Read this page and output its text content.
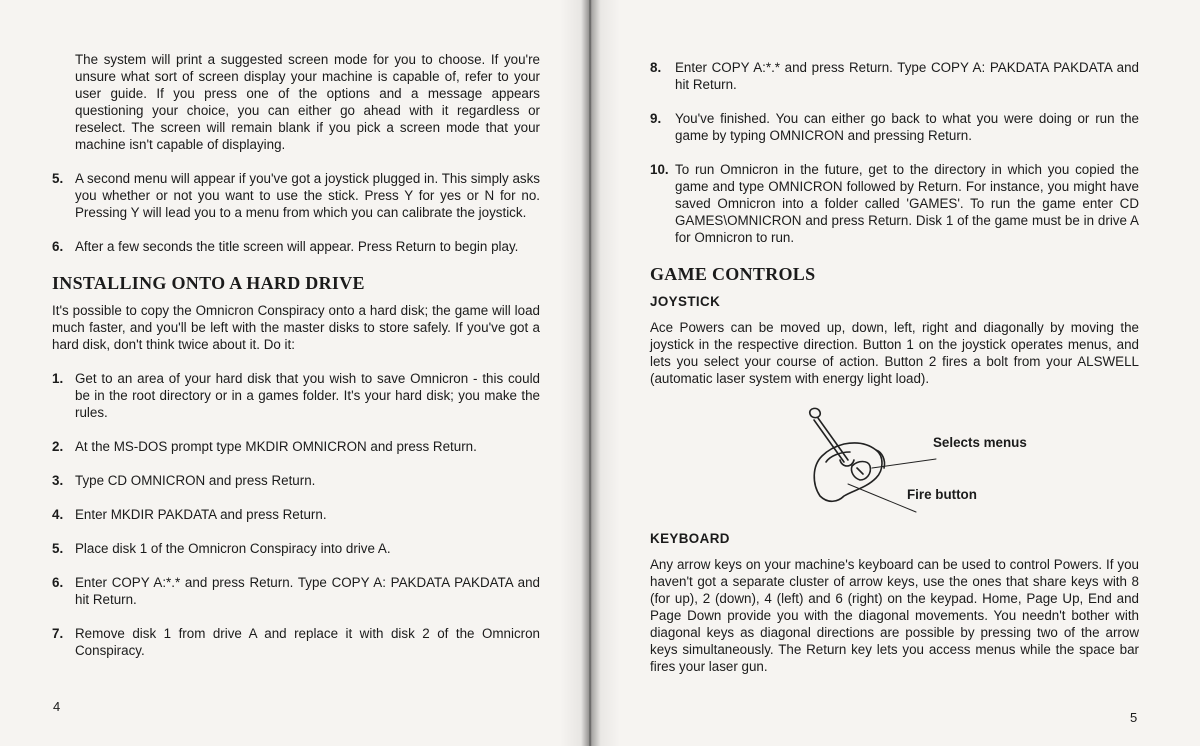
The system will print a suggested screen mode for you to choose. If you're unsure what sort of screen display your machine is capable of, refer to your user guide. If you press one of the options and a message appears questioning your choice, you can either go ahead with it regardless or reselect. The screen will remain blank if you pick a screen mode that your machine isn't capable of displaying.

5. A second menu will appear if you've got a joystick plugged in. This simply asks you whether or not you want to use the stick. Press Y for yes or N for no. Pressing Y will lead you to a menu from which you can calibrate the joystick.
6. After a few seconds the title screen will appear. Press Return to begin play.
INSTALLING ONTO A HARD DRIVE

It's possible to copy the Omnicron Conspiracy onto a hard disk; the game will load much faster, and you'll be left with the master disks to store safely. If you've got a hard disk, don't think twice about it. Do it:

1. Get to an area of your hard disk that you wish to save Omnicron - this could be in the root directory or in a games folder. It's your hard disk; you make the rules.
2. At the MS-DOS prompt type MKDIR OMNICRON and press Return.
3. Type CD OMNICRON and press Return.
4. Enter MKDIR PAKDATA and press Return.
5. Place disk 1 of the Omnicron Conspiracy into drive A.
6. Enter COPY A:*.* and press Return. Type COPY A: PAKDATA PAKDATA and hit Return.
7. Remove disk 1 from drive A and replace it with disk 2 of the Omnicron Conspiracy.
4
8.	Enter COPY A:*.* and press Return. Type COPY A: PAKDATA PAKDATA and hit Return.
9.	You've finished. You can either go back to what you were doing or run the game by typing OMNICRON and pressing Return.
10. To run Omnicron in the future, get to the directory in which you copied the game and type OMNICRON followed by Return. For instance, you might have saved Omnicron into a folder called 'GAMES'. To run the game enter CD GAMES\OMNICRON and press Return. Disk 1 of the game must be in drive A for Omnicron to run.
GAME CONTROLS
JOYSTICK

Ace Powers can be moved up, down, left, right and diagonally by moving the joystick in the respective direction. Button 1 on the joystick operates menus, and lets you select your course of action. Button 2 fires a bolt from your ALSWELL (automatic laser system with energy light load).

Selects menus
Fire button
KEYBOARD

Any arrow keys on your machine's keyboard can be used to control Powers. If you haven't got a separate cluster of arrow keys, use the ones that share keys with 8 (for up), 2 (down), 4 (left) and 6 (right) on the keypad. Home, Page Up, End and Page Down provide you with the diagonal movements. You needn't bother with diagonal keys as diagonal directions are possible by pressing two of the arrow keys simultaneously. The Return key lets you access menus while the space bar fires your laser gun.

5
